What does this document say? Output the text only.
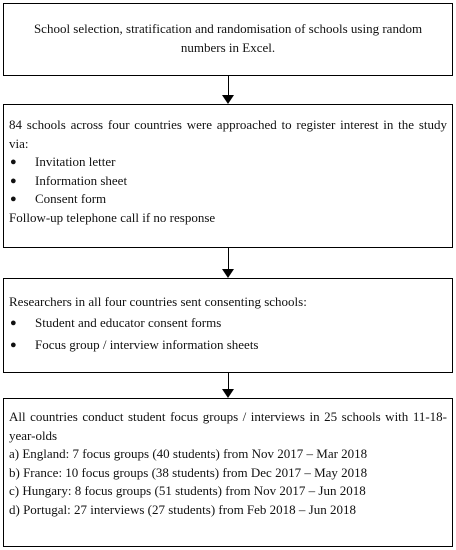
School selection, stratification and randomisation of schools using random numbers in Excel.
84 schools across four countries were approached to register interest in the study via:
● Invitation letter
● Information sheet
● Consent form
Follow-up telephone call if no response
Researchers in all four countries sent consenting schools:
● Student and educator consent forms
● Focus group / interview information sheets
All countries conduct student focus groups / interviews in 25 schools with 11-18-year-olds
a) England: 7 focus groups (40 students) from Nov 2017 – Mar 2018
b) France: 10 focus groups (38 students) from Dec 2017 – May 2018
c) Hungary: 8 focus groups (51 students) from Nov 2017 – Jun 2018
d) Portugal: 27 interviews (27 students) from Feb 2018 – Jun 2018
